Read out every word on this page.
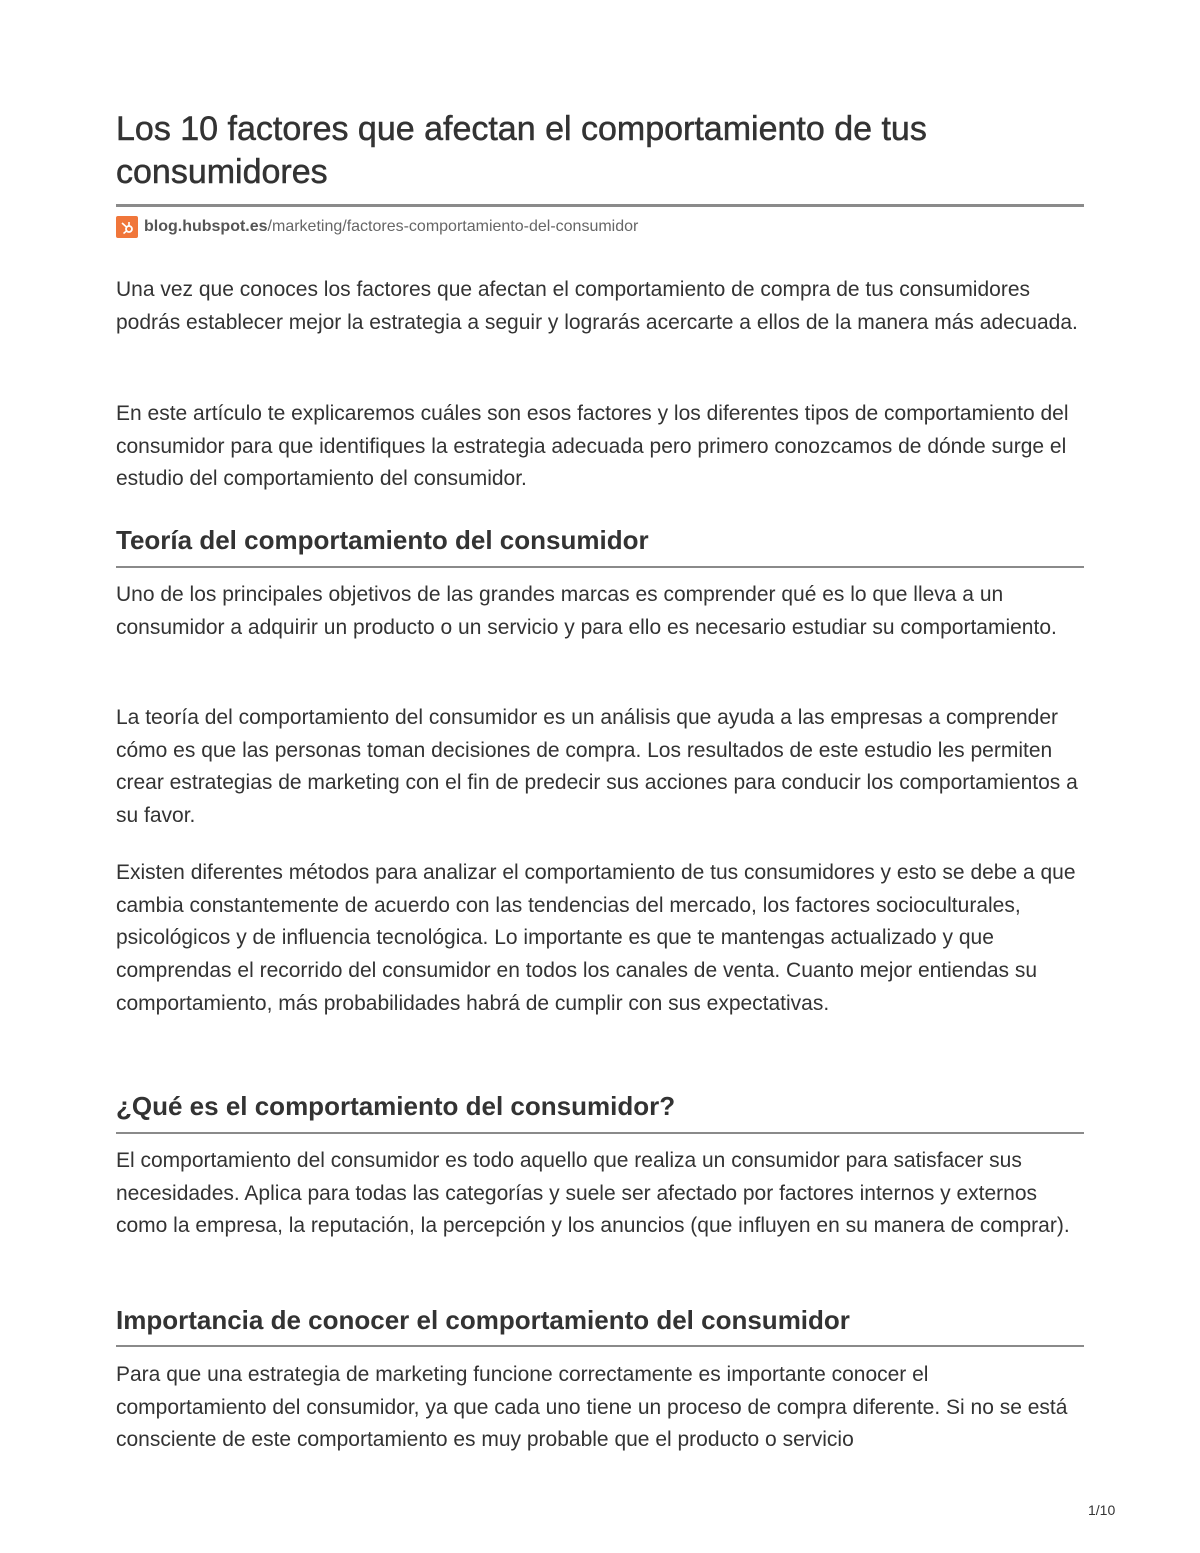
Los 10 factores que afectan el comportamiento de tus consumidores
blog.hubspot.es /marketing/factores-comportamiento-del-consumidor

Una vez que conoces los factores que afectan el comportamiento de compra de tus consumidores podrás establecer mejor la estrategia a seguir y lograrás acercarte a ellos de la manera más adecuada.

En este artículo te explicaremos cuáles son esos factores y los diferentes tipos de comportamiento del consumidor para que identifiques la estrategia adecuada pero primero conozcamos de dónde surge el estudio del comportamiento del consumidor.

Teoría del comportamiento del consumidor

Uno de los principales objetivos de las grandes marcas es comprender qué es lo que lleva a un consumidor a adquirir un producto o un servicio y para ello es necesario estudiar su comportamiento.

La teoría del comportamiento del consumidor es un análisis que ayuda a las empresas a comprender cómo es que las personas toman decisiones de compra. Los resultados de este estudio les permiten crear estrategias de marketing con el fin de predecir sus acciones para conducir los comportamientos a su favor.

Existen diferentes métodos para analizar el comportamiento de tus consumidores y esto se debe a que cambia constantemente de acuerdo con las tendencias del mercado, los factores socioculturales, psicológicos y de influencia tecnológica. Lo importante es que te mantengas actualizado y que comprendas el recorrido del consumidor en todos los canales de venta. Cuanto mejor entiendas su comportamiento, más probabilidades habrá de cumplir con sus expectativas.

¿Qué es el comportamiento del consumidor?

El comportamiento del consumidor es todo aquello que realiza un consumidor para satisfacer sus necesidades. Aplica para todas las categorías y suele ser afectado por factores internos y externos como la empresa, la reputación, la percepción y los anuncios (que influyen en su manera de comprar).

Importancia de conocer el comportamiento del consumidor

Para que una estrategia de marketing funcione correctamente es importante conocer el comportamiento del consumidor, ya que cada uno tiene un proceso de compra diferente. Si no se está consciente de este comportamiento es muy probable que el producto o servicio

1/10
